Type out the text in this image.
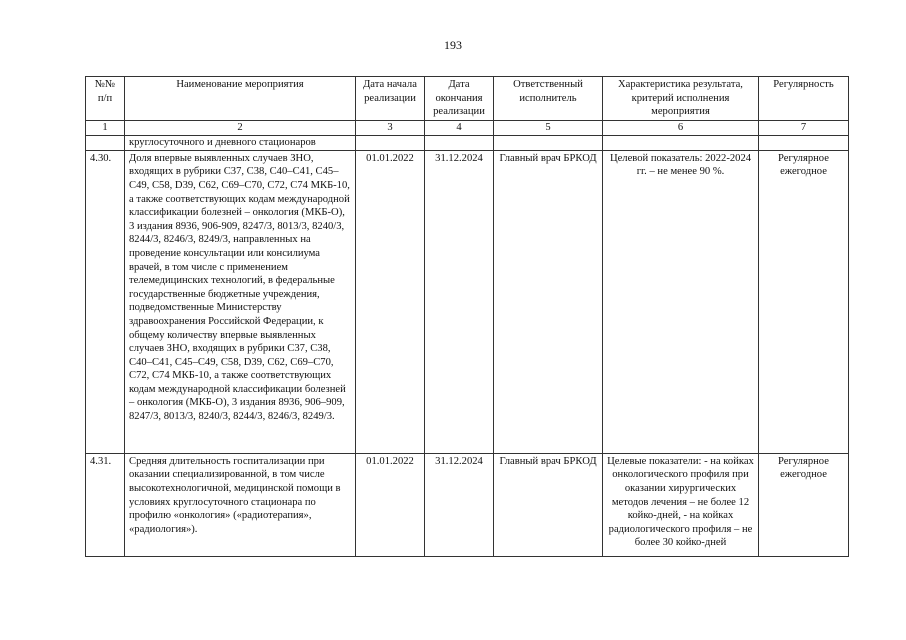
193
№№ п/п	Наименование мероприятия	Дата начала реализации	Дата окончания реализации	Ответственный исполнитель	Характеристика результата, критерий исполнения мероприятия	Регулярность
1	2	3	4	5	6	7
	круглосуточного и дневного стационаров					
4.30.	Доля впервые выявленных случаев ЗНО, входящих в рубрики C37, C38, C40–C41, C45–C49, C58, D39, C62, C69–C70, C72, C74 МКБ-10, а также соответствующих кодам международной классификации болезней – онкология (МКБ-О), 3 издания 8936, 906-909, 8247/3, 8013/3, 8240/3, 8244/3, 8246/3, 8249/3, направленных на проведение консультации или консилиума врачей, в том числе с применением телемедицинских технологий, в федеральные государственные бюджетные учреждения, подведомственные Министерству здравоохранения Российской Федерации, к общему количеству впервые выявленных случаев ЗНО, входящих в рубрики C37, C38, C40–C41, C45–C49, C58, D39, C62, C69–C70, C72, C74 МКБ-10, а также соответствующих кодам международной классификации болезней – онкология (МКБ-О), 3 издания 8936, 906–909, 8247/3, 8013/3, 8240/3, 8244/3, 8246/3, 8249/3.	01.01.2022	31.12.2024	Главный врач БРКОД	Целевой показатель: 2022-2024 гг. – не менее 90 %.	Регулярное ежегодное
4.31.	Средняя длительность госпитализации при оказании специализированной, в том числе высокотехнологичной, медицинской помощи в условиях круглосуточного стационара по профилю «онкология» («радиотерапия», «радиология»).	01.01.2022	31.12.2024	Главный врач БРКОД	Целевые показатели: - на койках онкологического профиля при оказании хирургических методов лечения – не более 12 койко-дней, - на койках радиологического профиля – не более 30 койко-дней	Регулярное ежегодное
